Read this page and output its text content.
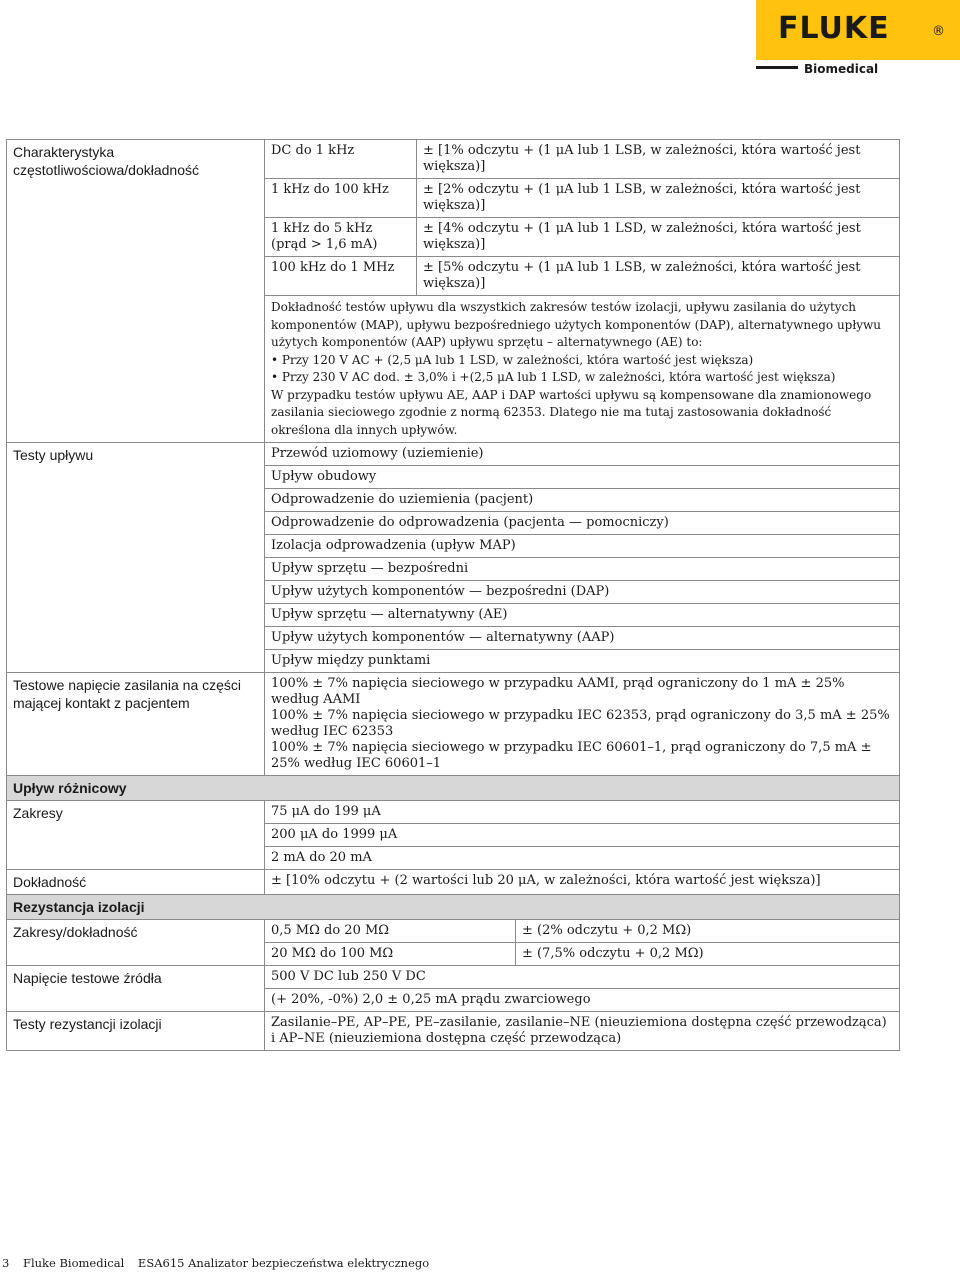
FLUKE	®
Biomedical
Charakterystyka częstotliwościowa/dokładność	DC do 1 kHz	± [1% odczytu + (1 μA lub 1 LSB, w zależności, która wartość jest większa)]	
	1 kHz do 100 kHz	± [2% odczytu + (1 μA lub 1 LSB, w zależności, która wartość jest większa)]	
	1 kHz do 5 kHz (prąd > 1,6 mA)	± [4% odczytu + (1 μA lub 1 LSD, w zależności, która wartość jest większa)]	
	100 kHz do 1 MHz	± [5% odczytu + (1 μA lub 1 LSB, w zależności, która wartość jest większa)]	

	Dokładność testów upływu dla wszystkich zakresów testów izolacji, upływu zasilania do użytych komponentów (MAP), upływu bezpośredniego użytych komponentów (DAP), alternatywnego upływu użytych komponentów (AAP) upływu sprzętu – alternatywnego (AE) to:
• Przy 120 V AC + (2,5 μA lub 1 LSD, w zależności, która wartość jest większa)
• Przy 230 V AC dod. ± 3,0% i +(2,5 μA lub 1 LSD, w zależności, która wartość jest większa)
W przypadku testów upływu AE, AAP i DAP wartości upływu są kompensowane dla znamionowego zasilania sieciowego zgodnie z normą 62353. Dlatego nie ma tutaj zastosowania dokładność określona dla innych upływów.		

Testy upływu	Przewód uziomowy (uziemienie)		
	Upływ obudowy		
	Odprowadzenie do uziemienia (pacjent)		
	Odprowadzenie do odprowadzenia (pacjenta — pomocniczy)		
	Izolacja odprowadzenia (upływ MAP)		
	Upływ sprzętu — bezpośredni		
	Upływ użytych komponentów — bezpośredni (DAP)		
	Upływ sprzętu — alternatywny (AE)		
	Upływ użytych komponentów — alternatywny (AAP)		
	Upływ między punktami		
Testowe napięcie zasilania na części mającej kontakt z pacjentem	100% ± 7% napięcia sieciowego w przypadku AAMI, prąd ograniczony do 1 mA ± 25% według AAMI
100% ± 7% napięcia sieciowego w przypadku IEC 62353, prąd ograniczony do 3,5 mA ± 25% według IEC 62353
100% ± 7% napięcia sieciowego w przypadku IEC 60601–1, prąd ograniczony do 7,5 mA ± 25% według IEC 60601–1		

Upływ różnicowy			
Zakresy	75 μA do 199 μA		
	200 μA do 1999 μA		
	2 mA do 20 mA		
Dokładność	± [10% odczytu + (2 wartości lub 20 μA, w zależności, która wartość jest większa)]		
Rezystancja izolacji			
Zakresy/dokładność	0,5 MΩ do 20 MΩ		± (2% odczytu + 0,2 MΩ)
	20 MΩ do 100 MΩ		± (7,5% odczytu + 0,2 MΩ)
Napięcie testowe źródła	500 V DC lub 250 V DC		
	(+ 20%, -0%) 2,0 ± 0,25 mA prądu zwarciowego		
Testy rezystancji izolacji	Zasilanie–PE, AP–PE, PE–zasilanie, zasilanie–NE (nieuziemiona dostępna część przewodząca) i AP–NE (nieuziemiona dostępna część przewodząca)		
3 Fluke Biomedical ESA615 Analizator bezpieczeństwa elektrycznego
